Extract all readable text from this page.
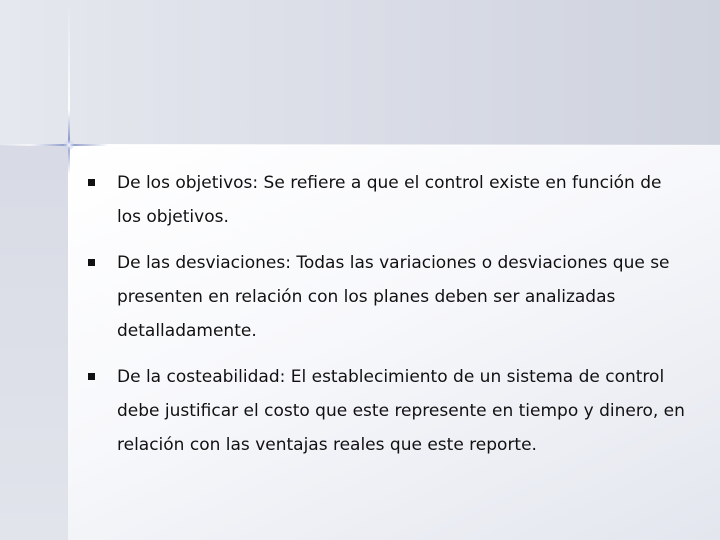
De los objetivos: Se refiere a que el control existe en función de los objetivos.
De las desviaciones: Todas las variaciones o desviaciones que se presenten en relación con los planes deben ser analizadas detalladamente.
De la costeabilidad: El establecimiento de un sistema de control debe justificar el costo que este represente en tiempo y dinero, en relación con las ventajas reales que este reporte.
